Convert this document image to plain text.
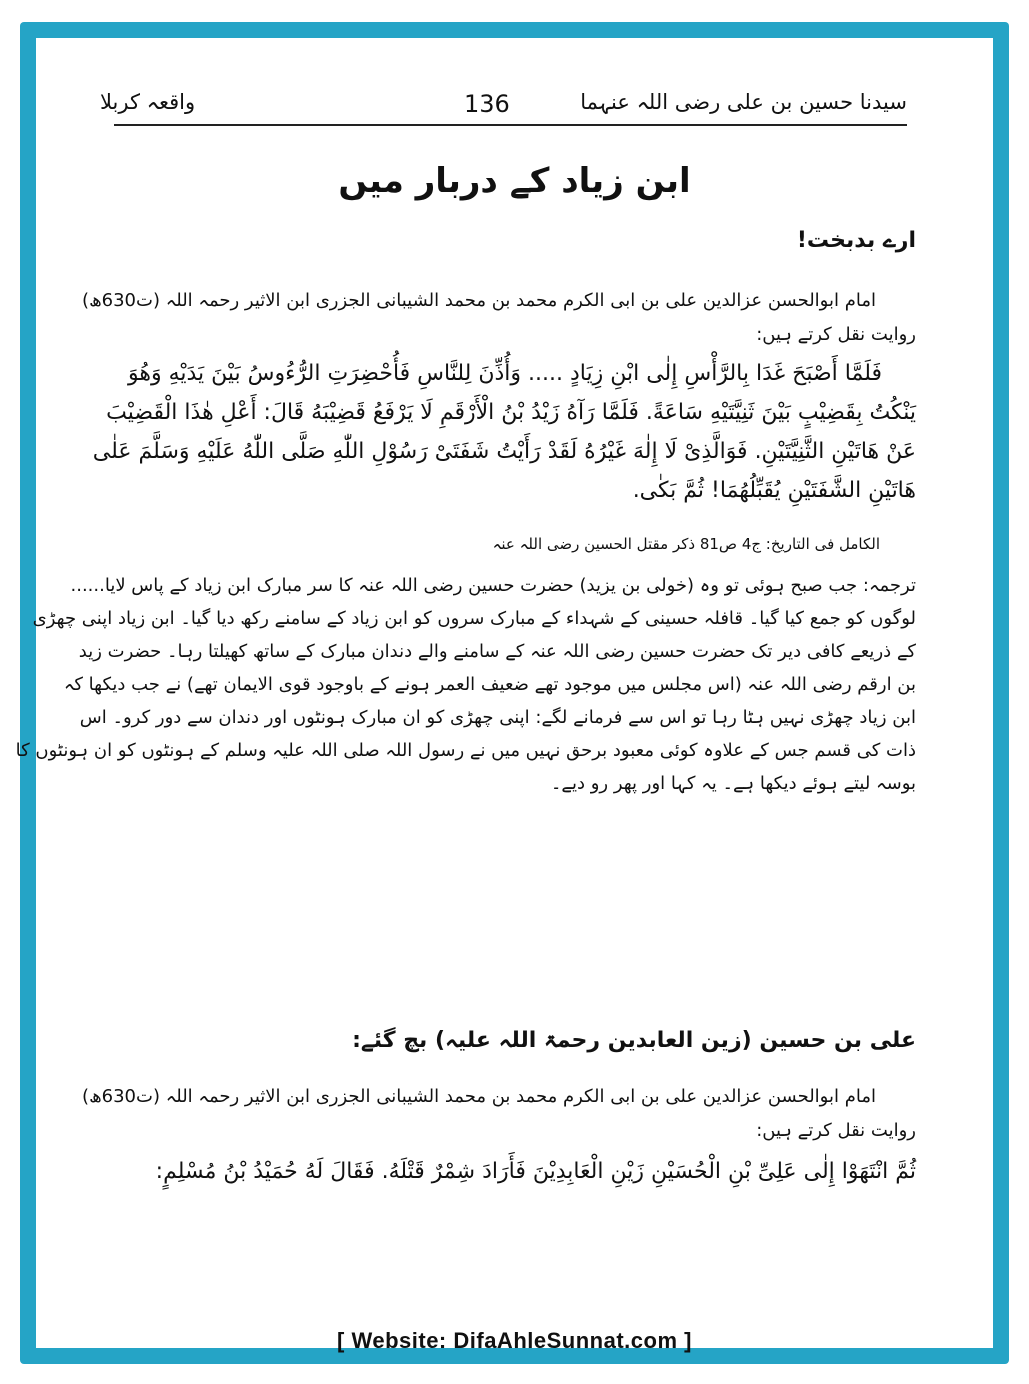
سیدنا حسین بن علی رضی اللہ عنہما
136
واقعہ کربلا
ابن زیاد کے دربار میں
ارے بدبخت!
امام ابوالحسن عزالدین علی بن ابی الکرم محمد بن محمد الشیبانی الجزری ابن الاثیر رحمہ اللہ (ت630ھ)
روایت نقل کرتے ہیں:
فَلَمَّا أَصْبَحَ غَدَا بِالرَّأْسِ إِلٰی ابْنِ زِیَادٍ ..... وَأُذِّنَ لِلنَّاسِ فَأُحْضِرَتِ الرُّءُوسُ بَیْنَ یَدَیْهِ وَهُوَ
یَنْکُتُ بِقَضِیْبٍ بَیْنَ ثَنِیَّتَیْهِ سَاعَةً. فَلَمَّا رَآهُ زَیْدُ بْنُ الْأَرْقَمِ لَا یَرْفَعُ قَضِیْبَهُ قَالَ: أَعْلِ هٰذَا الْقَضِیْبَ
عَنْ هَاتَیْنِ الثَّنِیَّتَیْنِ. فَوَالَّذِیْ لَا إِلٰهَ غَیْرُهُ لَقَدْ رَأَیْتُ شَفَتَیْ رَسُوْلِ اللّٰهِ صَلَّی اللّٰهُ عَلَیْهِ وَسَلَّمَ عَلٰی
هَاتَیْنِ الشَّفَتَیْنِ یُقَبِّلُهُمَا! ثُمَّ بَکٰی.
الکامل فی التاریخ: ج4 ص81 ذکر مقتل الحسین رضی اللہ عنہ
ترجمہ: جب صبح ہوئی تو وہ (خولی بن یزید) حضرت حسین رضی اللہ عنہ کا سر مبارک ابن زیاد کے پاس لایا......
لوگوں کو جمع کیا گیا۔ قافلہ حسینی کے شہداء کے مبارک سروں کو ابن زیاد کے سامنے رکھ دیا گیا۔ ابن زیاد اپنی چھڑی
کے ذریعے کافی دیر تک حضرت حسین رضی اللہ عنہ کے سامنے والے دندان مبارک کے ساتھ کھیلتا رہا۔ حضرت زید
بن ارقم رضی اللہ عنہ (اس مجلس میں موجود تھے ضعیف العمر ہونے کے باوجود قوی الایمان تھے) نے جب دیکھا کہ
ابن زیاد چھڑی نہیں ہٹا رہا تو اس سے فرمانے لگے: اپنی چھڑی کو ان مبارک ہونٹوں اور دندان سے دور کرو۔ اس
ذات کی قسم جس کے علاوہ کوئی معبود برحق نہیں میں نے رسول اللہ صلی اللہ علیہ وسلم کے ہونٹوں کو ان ہونٹوں کا
بوسہ لیتے ہوئے دیکھا ہے۔ یہ کہا اور پھر رو دیے۔
علی بن حسین (زین العابدین رحمۃ اللہ علیہ) بچ گئے:
امام ابوالحسن عزالدین علی بن ابی الکرم محمد بن محمد الشیبانی الجزری ابن الاثیر رحمہ اللہ (ت630ھ)
روایت نقل کرتے ہیں:
ثُمَّ انْتَهَوْا إِلٰی عَلِیِّ بْنِ الْحُسَیْنِ زَیْنِ الْعَابِدِیْنَ فَأَرَادَ شِمْرٌ قَتْلَهُ. فَقَالَ لَهُ حُمَیْدُ بْنُ مُسْلِمٍ:
[ Website: DifaAhleSunnat.com ]
